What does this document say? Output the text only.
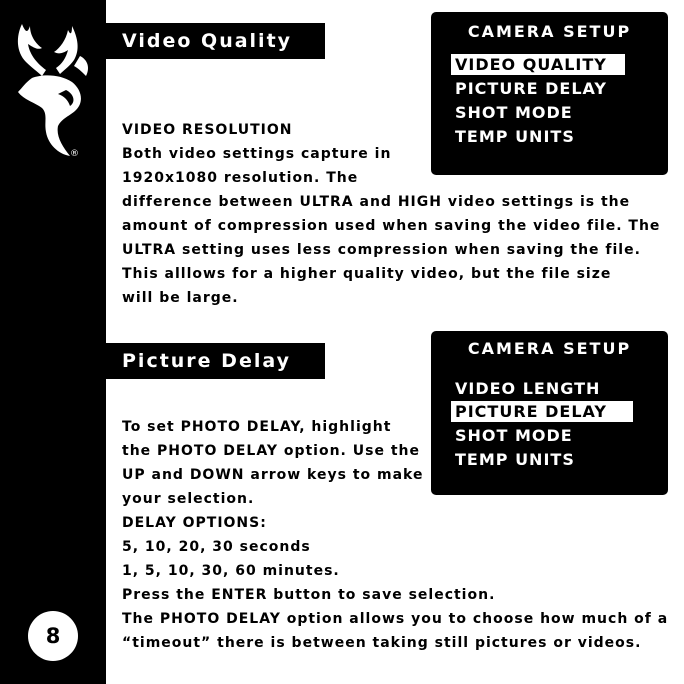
®
8
Video Quality	CAMERA SETUP
VIDEO QUALITY
PICTURE DELAY
SHOT MODE
TEMP UNITS
VIDEO RESOLUTION
Both video settings capture in
1920x1080 resolution. The
difference between ULTRA and HIGH video settings is the
amount of compression used when saving the video file. The
ULTRA setting uses less compression when saving the file.
This alllows for a higher quality video, but the file size
will be large.
Picture Delay
CAMERA SETUP
VIDEO LENGTH
PICTURE DELAY
SHOT MODE
TEMP UNITS
To set PHOTO DELAY, highlight
the PHOTO DELAY option. Use the
UP and DOWN arrow keys to make
your selection.
DELAY OPTIONS:
5, 10, 20, 30 seconds
1, 5, 10, 30, 60 minutes.
Press the ENTER button to save selection.
The PHOTO DELAY option allows you to choose how much of a
“timeout” there is between taking still pictures or videos.
